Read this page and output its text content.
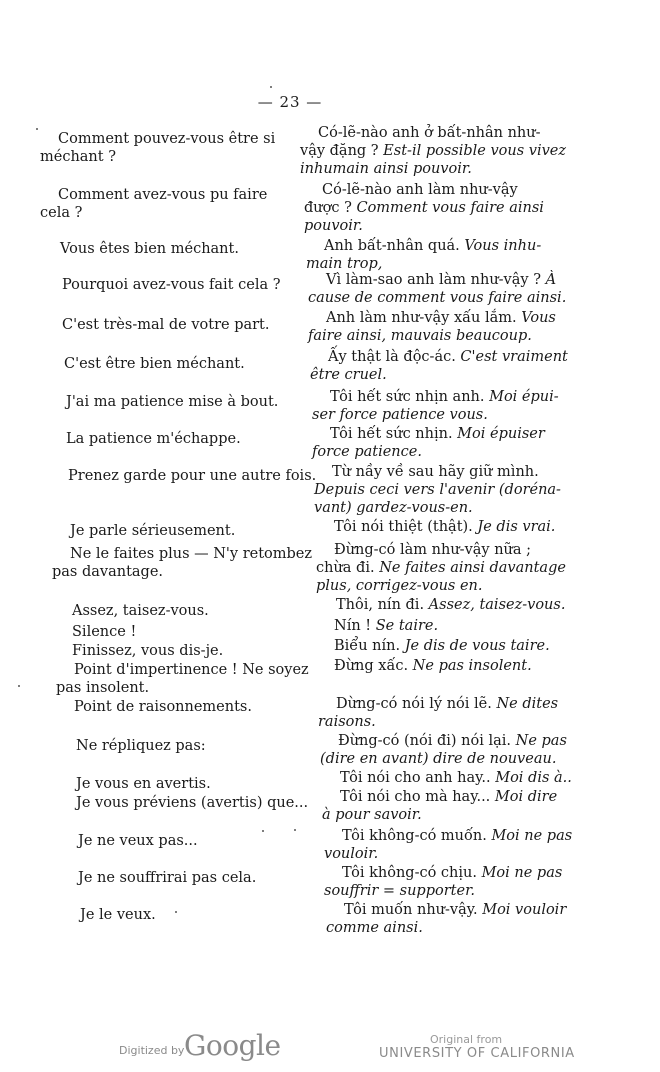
— 23 —

Comment pouvez-vous être si
méchant ?

Comment avez-vous pu faire
cela ?

Vous êtes bien méchant.

Pourquoi avez-vous fait cela ?

C'est très-mal de votre part.

C'est être bien méchant.

J'ai ma patience mise à bout.

La patience m'échappe.

Prenez garde pour une autre fois.

Je parle sérieusement.

Ne le faites plus — N'y retombez
pas davantage.

Assez, taisez-vous.

Silence !

Finissez, vous dis-je.

Point d'impertinence ! Ne soyez
pas insolent.

Point de raisonnements.

Ne répliquez pas:

Je vous en avertis.

Je vous préviens (avertis) que...

Je ne veux pas...

Je ne souffrirai pas cela.

Je le veux.

Có-lẽ-nào anh ở bất-nhân như-
vậy đặng ? Est-il possible vous vivez
inhumain ainsi pouvoir.

Có-lẽ-nào anh làm như-vậy
được ? Comment vous faire ainsi
pouvoir.

Anh bất-nhân quá. Vous inhu-
main trop,

Vì làm-sao anh làm như-vậy ? À
cause de comment vous faire ainsi.

Anh làm như-vậy xấu lắm. Vous
faire ainsi, mauvais beaucoup.

Ấy thật là độc-ác. C'est vraiment
être cruel.

Tôi hết sức nhịn anh. Moi épui-
ser force patience vous.

Tôi hết sức nhịn. Moi épuiser
force patience.

Từ nầy về sau hãy giữ mình.
Depuis ceci vers l'avenir (doréna-
vant) gardez-vous-en.

Tôi nói thiệt (thật). Je dis vrai.

Đừng-có làm như-vậy nữa ;
chừa đi. Ne faites ainsi davantage
plus, corrigez-vous en.

Thôi, nín đi. Assez, taisez-vous.

Nín ! Se taire.

Biểu nín. Je dis de vous taire.

Đừng xấc. Ne pas insolent.

Dừng-có nói lý nói lẽ. Ne dites
raisons.

Đừng-có (nói đi) nói lại. Ne pas
(dire en avant) dire de nouveau.

Tôi nói cho anh hay.. Moi dis à..

Tôi nói cho mà hay... Moi dire
à pour savoir.

Tôi không-có muốn. Moi ne pas
vouloir.

Tôi không-có chịu. Moi ne pas
souffrir = supporter.

Tôi muốn như-vậy. Moi vouloir
comme ainsi.

Digitized by Google	Original from
UNIVERSITY OF CALIFORNIA
